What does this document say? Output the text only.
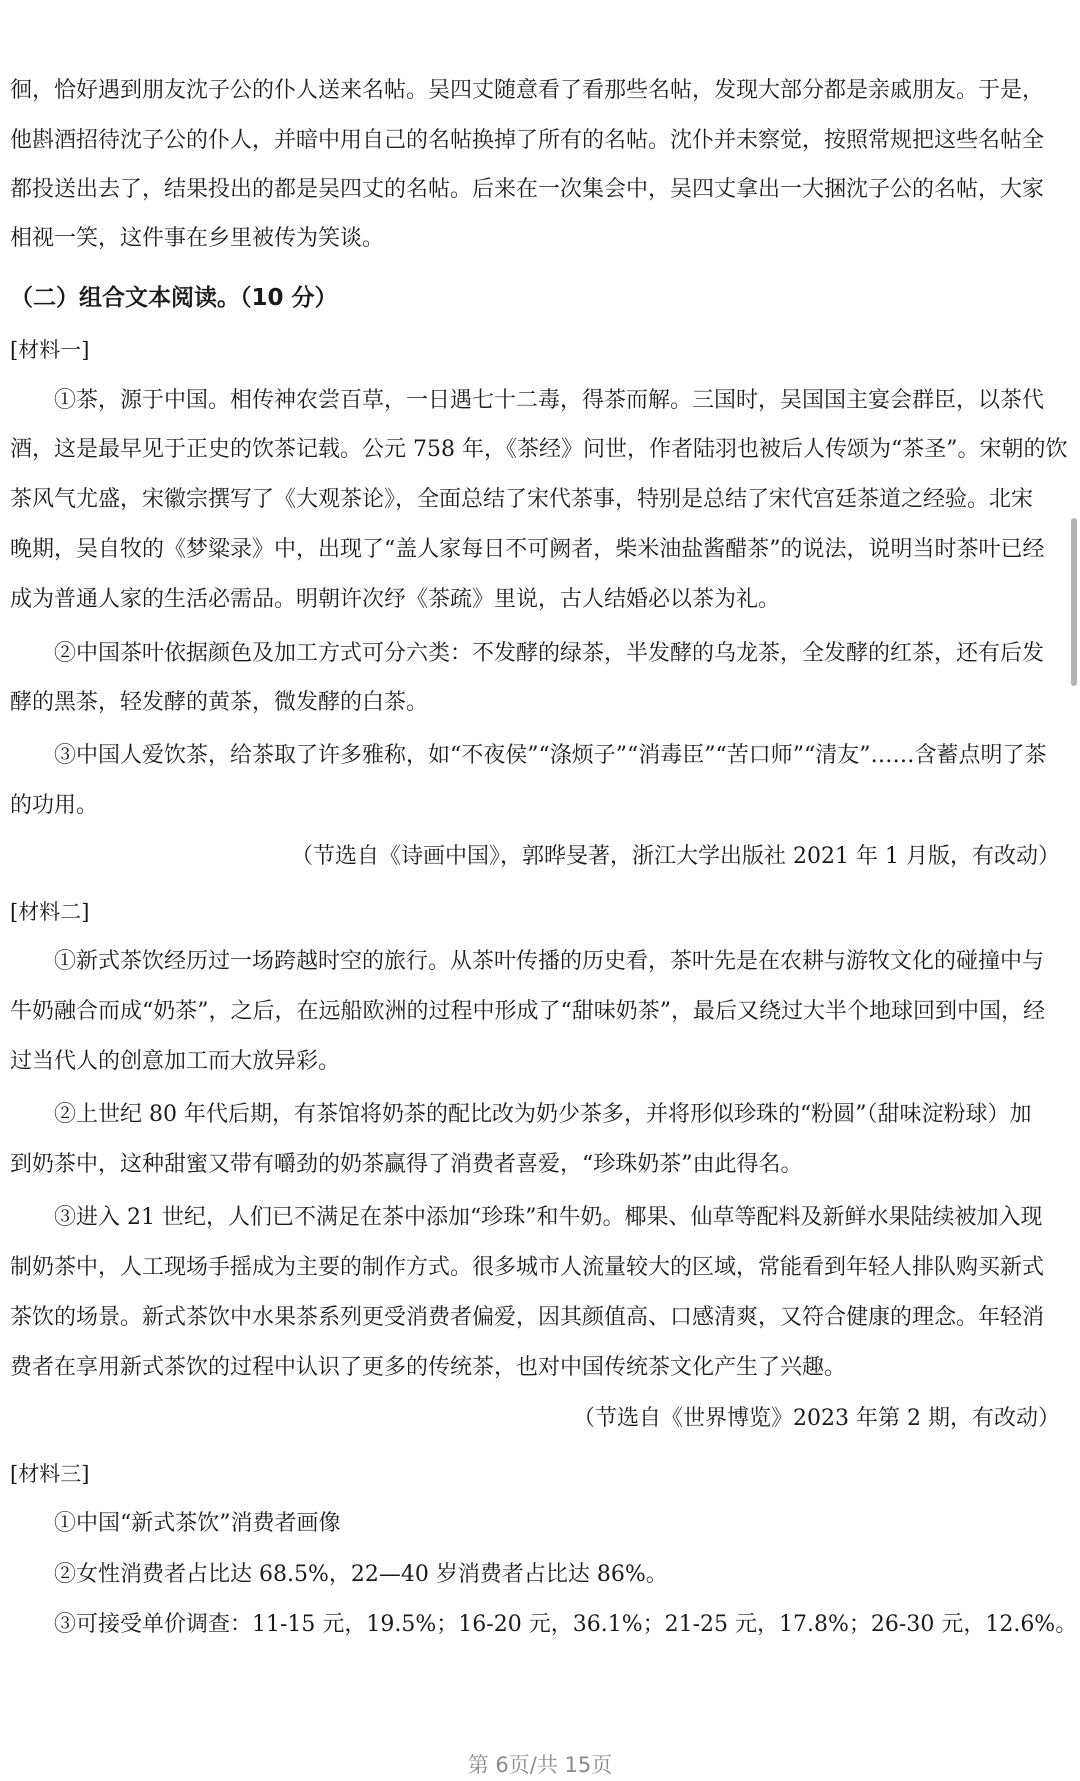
徊，恰好遇到朋友沈子公的仆人送来名帖。吴四丈随意看了看那些名帖，发现大部分都是亲戚朋友。于是，
他斟酒招待沈子公的仆人，并暗中用自己的名帖换掉了所有的名帖。沈仆并未察觉，按照常规把这些名帖全
都投送出去了，结果投出的都是吴四丈的名帖。后来在一次集会中，吴四丈拿出一大捆沈子公的名帖，大家
相视一笑，这件事在乡里被传为笑谈。
（二）组合文本阅读。（10 分）
[材料一]
①茶，源于中国。相传神农尝百草，一日遇七十二毒，得茶而解。三国时，吴国国主宴会群臣，以茶代
酒，这是最早见于正史的饮茶记载。公元 758 年，《茶经》问世，作者陆羽也被后人传颂为“茶圣”。宋朝的饮
茶风气尤盛，宋徽宗撰写了《大观茶论》，全面总结了宋代茶事，特别是总结了宋代宫廷茶道之经验。北宋
晚期，吴自牧的《梦粱录》中，出现了“盖人家每日不可阙者，柴米油盐酱醋茶”的说法，说明当时茶叶已经
成为普通人家的生活必需品。明朝许次纾《茶疏》里说，古人结婚必以茶为礼。
②中国茶叶依据颜色及加工方式可分六类：不发酵的绿茶，半发酵的乌龙茶，全发酵的红茶，还有后发
酵的黑茶，轻发酵的黄茶，微发酵的白茶。
③中国人爱饮茶，给茶取了许多雅称，如“不夜侯”“涤烦子”“消毒臣”“苦口师”“清友”……含蓄点明了茶
的功用。
（节选自《诗画中国》，郭晔旻著，浙江大学出版社 2021 年 1 月版，有改动）
[材料二]
①新式茶饮经历过一场跨越时空的旅行。从茶叶传播的历史看，茶叶先是在农耕与游牧文化的碰撞中与
牛奶融合而成“奶茶”，之后，在远船欧洲的过程中形成了“甜味奶茶”，最后又绕过大半个地球回到中国，经
过当代人的创意加工而大放异彩。
②上世纪 80 年代后期，有茶馆将奶茶的配比改为奶少茶多，并将形似珍珠的“粉圆”（甜味淀粉球）加
到奶茶中，这种甜蜜又带有嚼劲的奶茶赢得了消费者喜爱，“珍珠奶茶”由此得名。
③进入 21 世纪，人们已不满足在茶中添加“珍珠”和牛奶。椰果、仙草等配料及新鲜水果陆续被加入现
制奶茶中，人工现场手摇成为主要的制作方式。很多城市人流量较大的区域，常能看到年轻人排队购买新式
茶饮的场景。新式茶饮中水果茶系列更受消费者偏爱，因其颜值高、口感清爽，又符合健康的理念。年轻消
费者在享用新式茶饮的过程中认识了更多的传统茶，也对中国传统茶文化产生了兴趣。
（节选自《世界博览》2023 年第 2 期，有改动）
[材料三]
①中国“新式茶饮”消费者画像
②女性消费者占比达 68.5%，22—40 岁消费者占比达 86%。
③可接受单价调查：11-15 元，19.5%；16-20 元，36.1%；21-25 元，17.8%；26-30 元，12.6%。
第 6页/共 15页
